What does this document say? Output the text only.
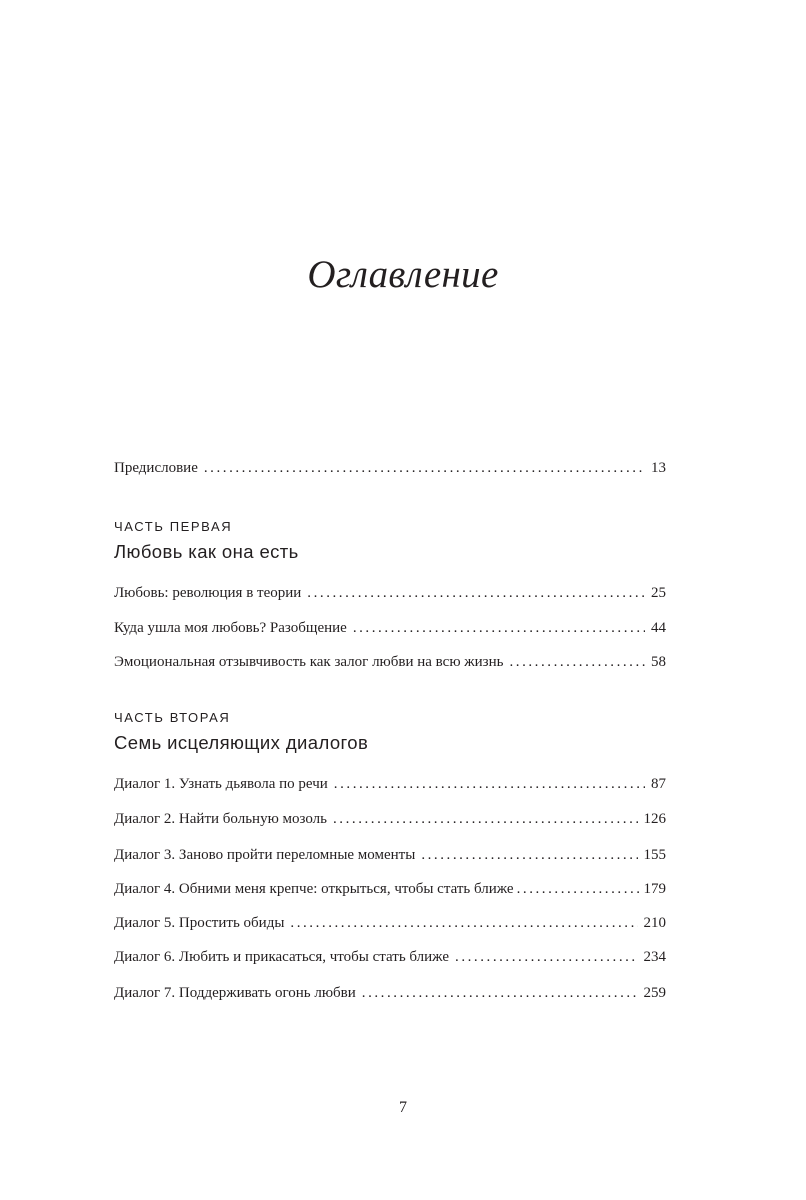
Оглавление
Предисловие . . .	13
ЧАСТЬ ПЕРВАЯ
Любовь как она есть
Любовь: революция в теории . . .	25
Куда ушла моя любовь? Разобщение . . .	44
Эмоциональная отзывчивость как залог любви на всю жизнь . . .	58
ЧАСТЬ ВТОРАЯ
Семь исцеляющих диалогов
Диалог 1. Узнать дьявола по речи . . .	87
Диалог 2. Найти больную мозоль . . .	126
Диалог 3. Заново пройти переломные моменты . . .	155
Диалог 4. Обними меня крепче: открыться, чтобы стать ближе . . .	179
Диалог 5. Простить обиды . . .	210
Диалог 6. Любить и прикасаться, чтобы стать ближе . . .	234
Диалог 7. Поддерживать огонь любви . . .	259
7
